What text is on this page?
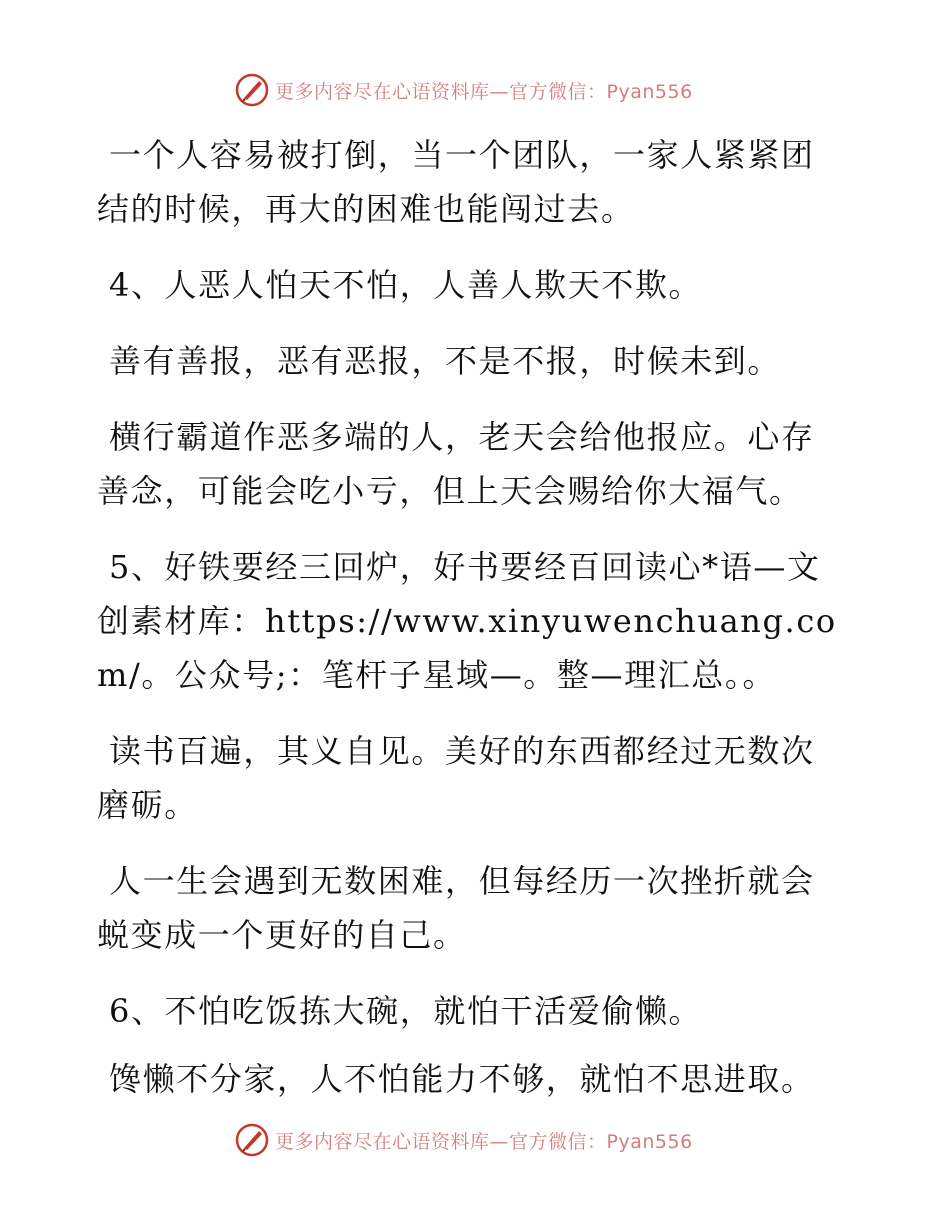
更多内容尽在心语资料库—官方微信：Pyan556

一个人容易被打倒，当一个团队，一家人紧紧团结的时候，再大的困难也能闯过去。

4、人恶人怕天不怕，人善人欺天不欺。

善有善报，恶有恶报，不是不报，时候未到。

横行霸道作恶多端的人，老天会给他报应。心存善念，可能会吃小亏，但上天会赐给你大福气。

5、好铁要经三回炉，好书要经百回读心*语—文创素材库：https://www.xinyuwenchuang.com/。公众号;：笔杆子星域—。整—理汇总。。

读书百遍，其义自见。美好的东西都经过无数次磨砺。

人一生会遇到无数困难，但每经历一次挫折就会蜕变成一个更好的自己。

6、不怕吃饭拣大碗，就怕干活爱偷懒。

馋懒不分家，人不怕能力不够，就怕不思进取。

更多内容尽在心语资料库—官方微信：Pyan556
